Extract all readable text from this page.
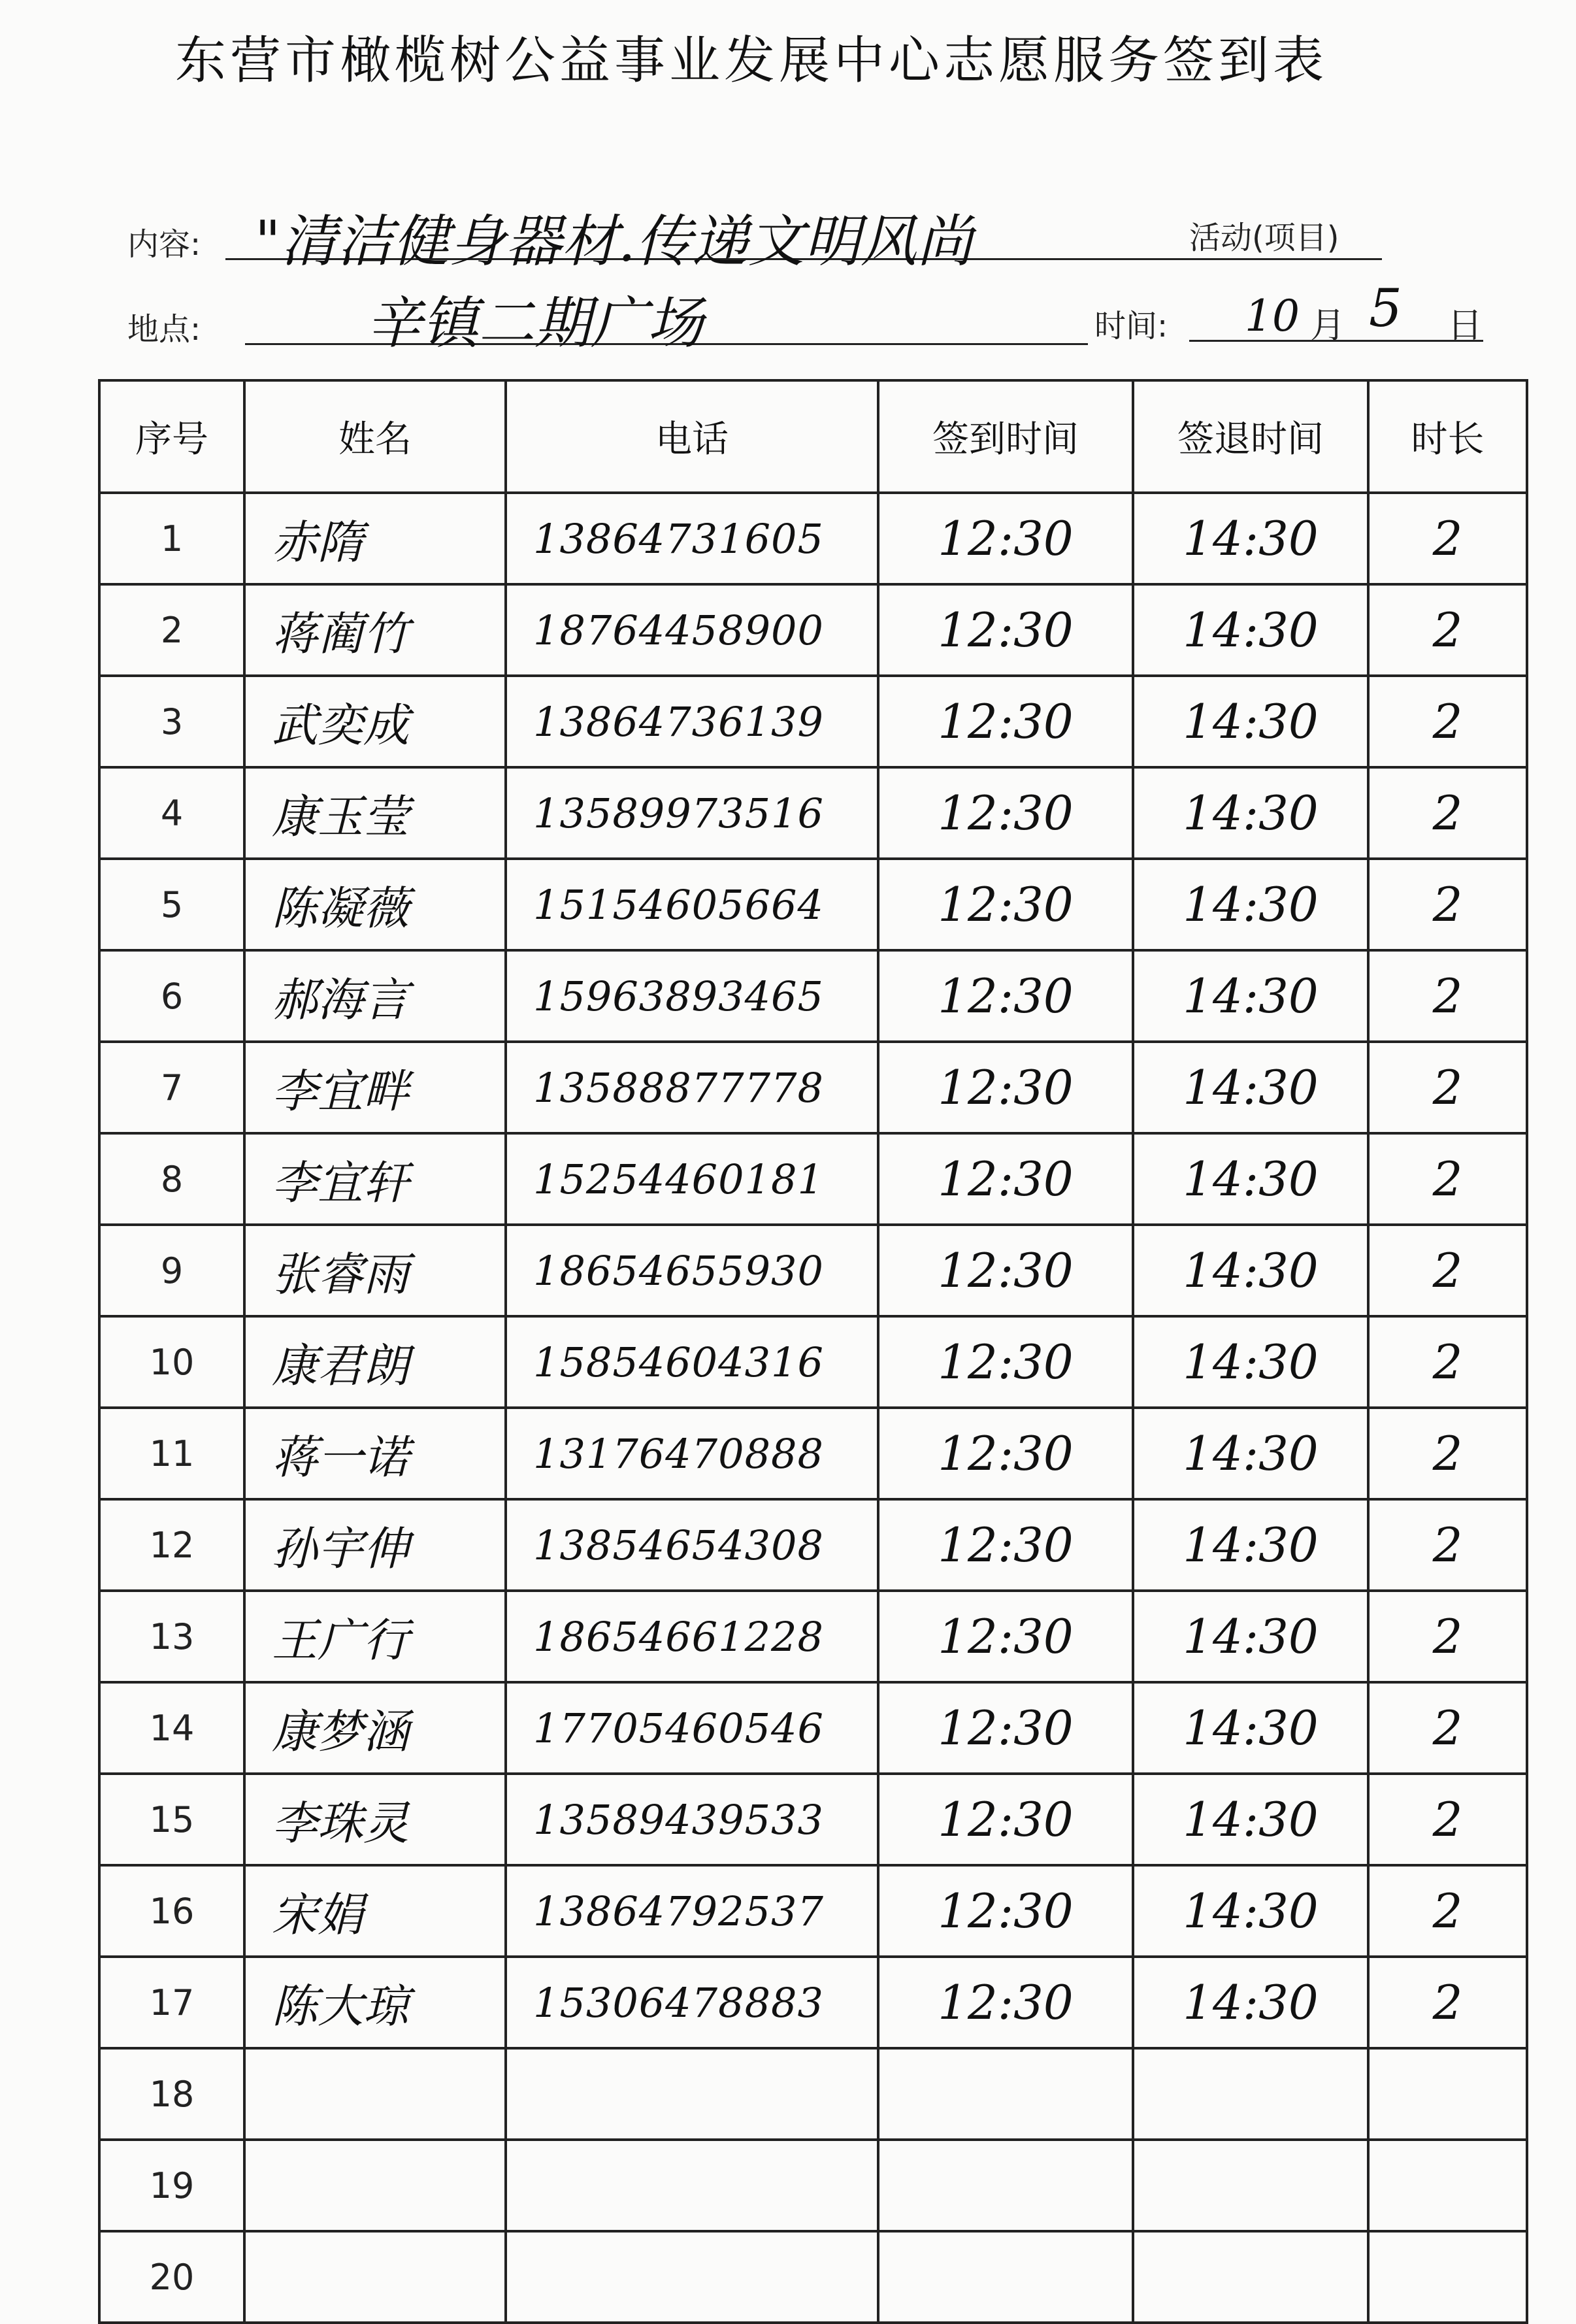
东营市橄榄树公益事业发展中心志愿服务签到表
内容: "清洁健身器材.传递文明风尚	活动(项目)
地点:	辛镇二期广场	时间: 10 月 5 日
序号	姓名	电话	签到时间	签退时间	时长
1	赤隋	13864731605	12:30	14:30	2
2	蒋蔺竹	18764458900	12:30	14:30	2
3	武奕成	13864736139	12:30	14:30	2
4	康玉莹	13589973516	12:30	14:30	2
5	陈凝薇	15154605664	12:30	14:30	2
6	郝海言	15963893465	12:30	14:30	2
7	李宜畔	13588877778	12:30	14:30	2
8	李宜轩	15254460181	12:30	14:30	2
9	张睿雨	18654655930	12:30	14:30	2
10	康君朗	15854604316	12:30	14:30	2
11	蒋一诺	13176470888	12:30	14:30	2
12	孙宇伸	13854654308	12:30	14:30	2
13	王广行	18654661228	12:30	14:30	2
14	康梦涵	17705460546	12:30	14:30	2
15	李珠灵	13589439533	12:30	14:30	2
16	宋娟	13864792537	12:30	14:30	2
17	陈大琼	15306478883	12:30	14:30	2
18					
19					
20					
